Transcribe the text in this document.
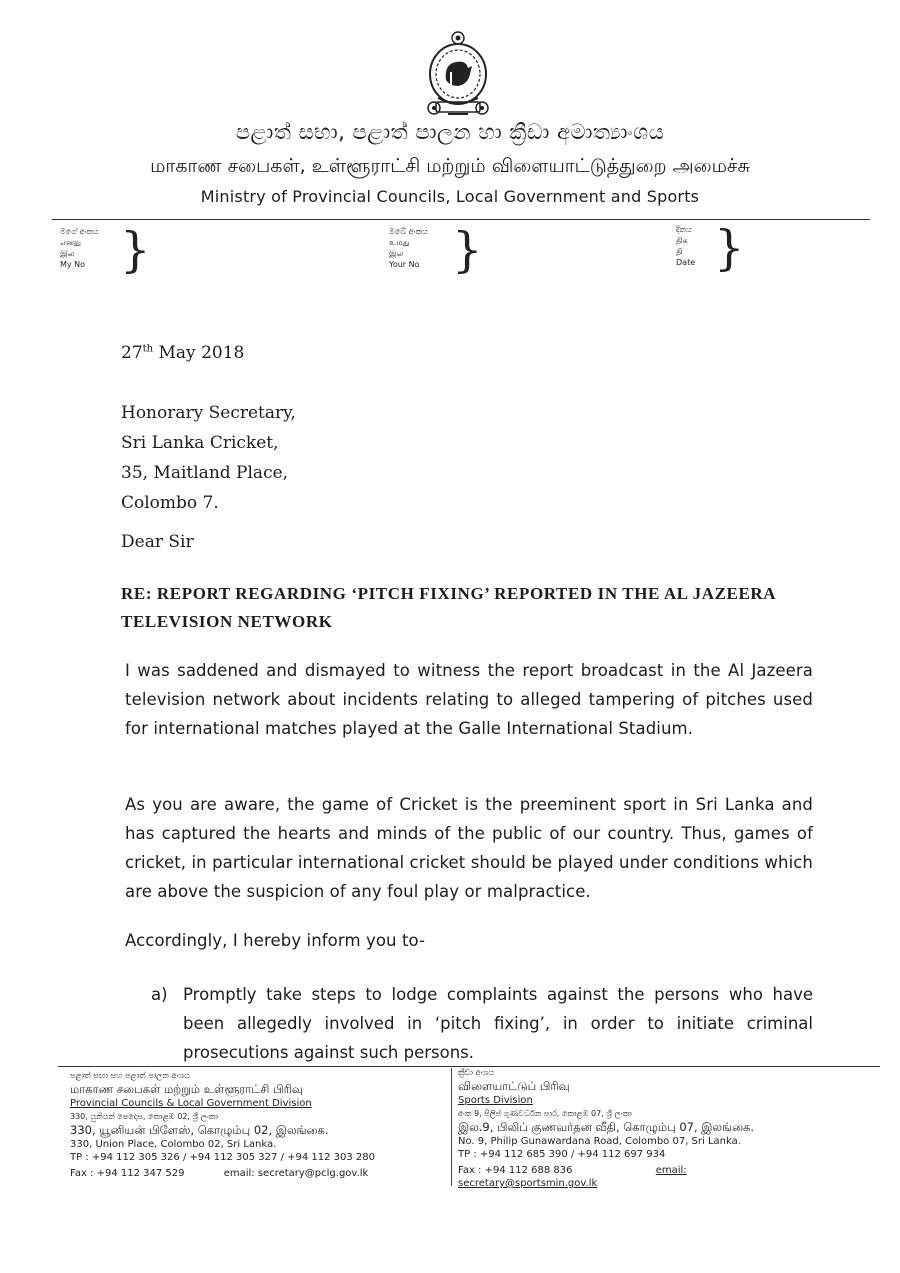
පළාත් සභා, පළාත් පාලන හා ක්‍රීඩා අමාත්‍යාංශය
மாகாண சபைகள், உள்ளூராட்சி மற்றும் விளையாட்டுத்துறை அமைச்சு
Ministry of Provincial Councils, Local Government and Sports
මගේ අංකය
எனது
இல
My No }	ඔබේ අංකය
உமது
இல
Your No }	දිනය
திக
தி
Date }
27th May 2018
Honorary Secretary,
Sri Lanka Cricket,
35, Maitland Place,
Colombo 7.
Dear Sir
RE: REPORT REGARDING ‘PITCH FIXING’ REPORTED IN THE AL JAZEERA TELEVISION NETWORK
I was saddened and dismayed to witness the report broadcast in the Al Jazeera television network about incidents relating to alleged tampering of pitches used for international matches played at the Galle International Stadium.
As you are aware, the game of Cricket is the preeminent sport in Sri Lanka and has captured the hearts and minds of the public of our country. Thus, games of cricket, in particular international cricket should be played under conditions which are above the suspicion of any foul play or malpractice.
Accordingly, I hereby inform you to-
a) Promptly take steps to lodge complaints against the persons who have been allegedly involved in ‘pitch fixing’, in order to initiate criminal prosecutions against such persons.
පළාත් සභා සහ පළාත් පාලන අංශය
மாகாண சபைகள் மற்றும் உள்ளூராட்சி பிரிவு
Provincial Councils & Local Government Division
330, යුනියන් පෙදෙස, කොළඹ 02, ශ්‍රී ලංකා
330, யூனியன் பிளேஸ், கொழும்பு 02, இலங்கை.
330, Union Place, Colombo 02, Sri Lanka.
TP : +94 112 305 326 / +94 112 305 327 / +94 112 303 280
Fax : +94 112 347 529	email: secretary@pclg.gov.lk
ක්‍රීඩා අංශය
விளையாட்டுப் பிரிவு
Sports Division
අංක 9, පිලිප් ගුණවර්ධන පාර, කොළඹ 07, ශ්‍රී ලංකා
இல.9, பிலிப் குணவர்தன வீதி, கொழும்பு 07, இலங்கை.
No. 9, Philip Gunawardana Road, Colombo 07, Sri Lanka.
TP : +94 112 685 390 / +94 112 697 934
Fax : +94 112 688 836	email: secretary@sportsmin.gov.lk
